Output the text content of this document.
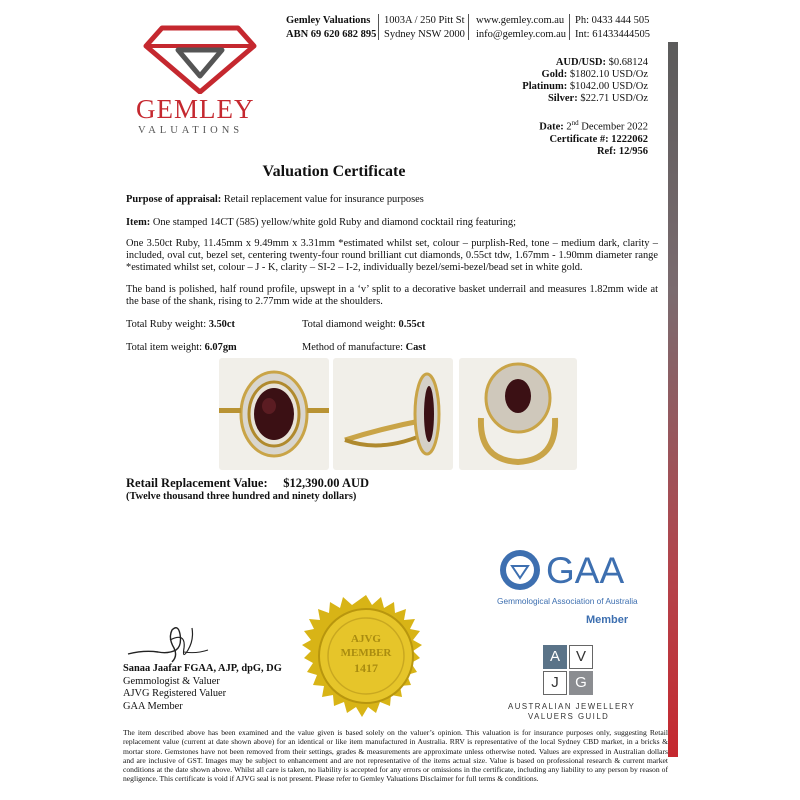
GEMLEY
VALUATIONS
Gemley Valuations
ABN 69 620 682 895
1003A / 250 Pitt St
Sydney NSW 2000
www.gemley.com.au
info@gemley.com.au
Ph: 0433 444 505
Int: 61433444505
AUD/USD: $0.68124
Gold: $1802.10 USD/Oz
Platinum: $1042.00 USD/Oz
Silver: $22.71 USD/Oz
Date: 2nd December 2022
Certificate #: 1222062
Ref: 12/956
Valuation Certificate
Purpose of appraisal: Retail replacement value for insurance purposes
Item: One stamped 14CT (585) yellow/white gold Ruby and diamond cocktail ring featuring;
One 3.50ct Ruby, 11.45mm x 9.49mm x 3.31mm *estimated whilst set, colour – purplish-Red, tone – medium dark, clarity – included, oval cut, bezel set, centering twenty-four round brilliant cut diamonds, 0.55ct tdw, 1.67mm - 1.90mm diameter range *estimated whilst set, colour – J - K, clarity – SI-2 – I-2, individually bezel/semi-bezel/bead set in white gold.
The band is polished, half round profile, upswept in a ‘v’ split to a decorative basket underrail and measures 1.82mm wide at the base of the shank, rising to 2.77mm wide at the shoulders.
Total Ruby weight: 3.50ct	Total diamond weight: 0.55ct
Total item weight: 6.07gm	Method of manufacture: Cast
Retail Replacement Value: $12,390.00 AUD
(Twelve thousand three hundred and ninety dollars)
GAA
Gemmological Association of Australia
Member
A	V
J	G
AUSTRALIAN JEWELLERY
VALUERS GUILD
AJVG
MEMBER
1417
Sanaa Jaafar FGAA, AJP, dpG, DG
Gemmologist & Valuer
AJVG Registered Valuer
GAA Member
The item described above has been examined and the value given is based solely on the valuer’s opinion. This valuation is for insurance purposes only, suggesting Retail replacement value (current at date shown above) for an identical or like item manufactured in Australia. RRV is representative of the local Sydney CBD market, in a bricks & mortar store. Gemstones have not been removed from their settings, grades & measurements are approximate unless otherwise noted. Values are expressed in Australian dollars and are inclusive of GST. Images may be subject to enhancement and are not representative of the items actual size. Value is based on professional research & current market conditions at the date shown above. Whilst all care is taken, no liability is accepted for any errors or omissions in the certificate, including any liability to any person by reason of negligence. This certificate is void if AJVG seal is not present. Please refer to Gemley Valuations Disclaimer for full terms & conditions.
